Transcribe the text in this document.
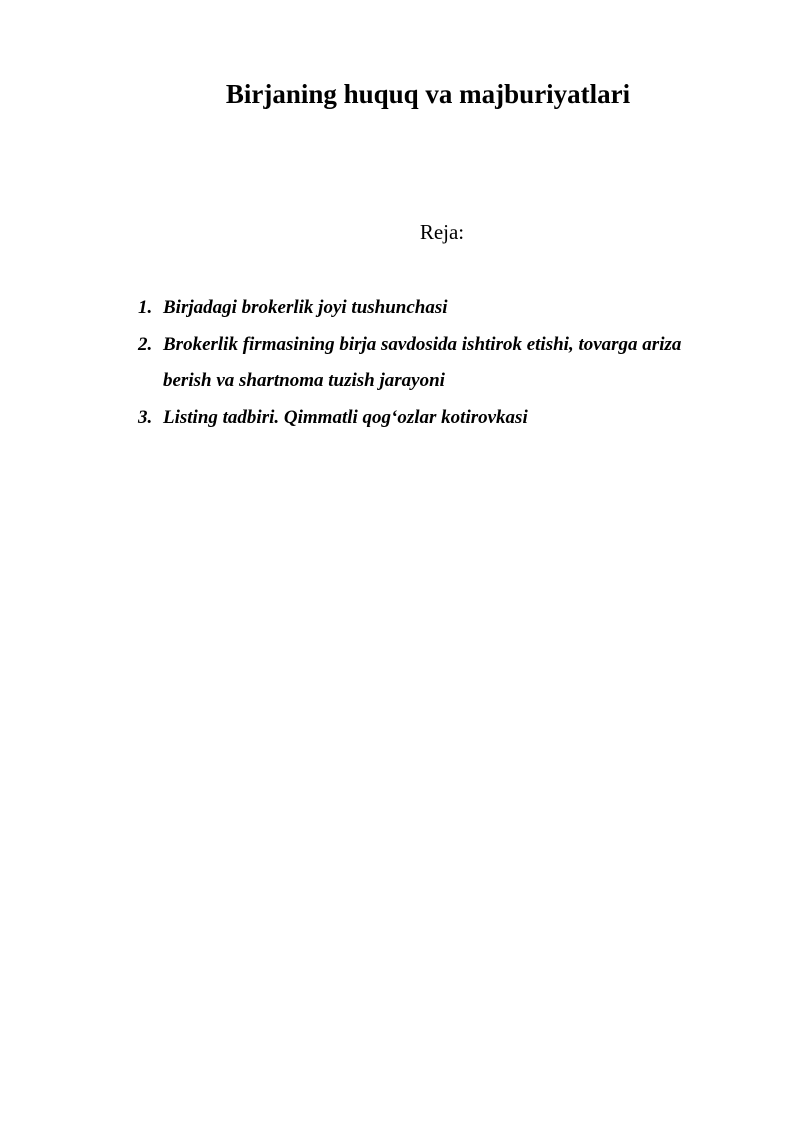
Birjaning huquq va majburiyatlari

Reja:

1. Birjadagi brokerlik joyi tushunchasi
2. Brokerlik firmasining birja savdosida ishtirok etishi, tovarga ariza berish va shartnoma tuzish jarayoni
3. Listing tadbiri. Qimmatli qog‘ozlar kotirovkasi
